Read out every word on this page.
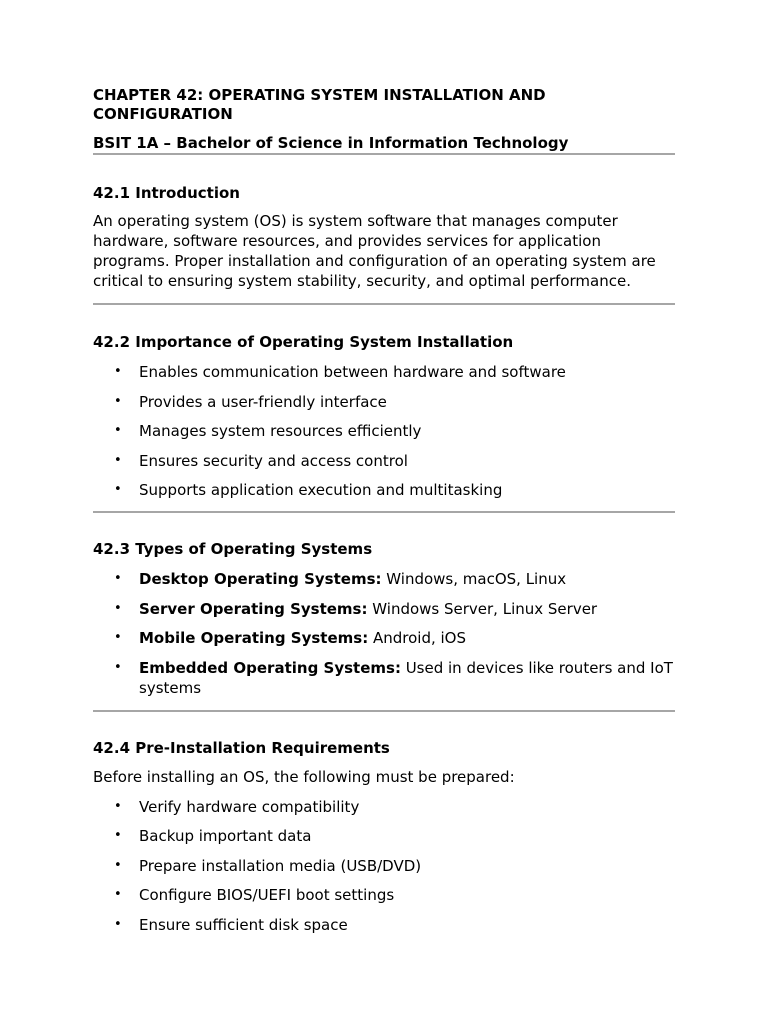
CHAPTER 42: OPERATING SYSTEM INSTALLATION AND CONFIGURATION

BSIT 1A – Bachelor of Science in Information Technology

42.1 Introduction

An operating system (OS) is system software that manages computer hardware, software resources, and provides services for application programs. Proper installation and configuration of an operating system are critical to ensuring system stability, security, and optimal performance.

42.2 Importance of Operating System Installation

• Enables communication between hardware and software
• Provides a user-friendly interface
• Manages system resources efficiently
• Ensures security and access control
• Supports application execution and multitasking

42.3 Types of Operating Systems

• Desktop Operating Systems: Windows, macOS, Linux
• Server Operating Systems: Windows Server, Linux Server
• Mobile Operating Systems: Android, iOS
• Embedded Operating Systems: Used in devices like routers and IoT systems

42.4 Pre-Installation Requirements

Before installing an OS, the following must be prepared:

• Verify hardware compatibility
• Backup important data
• Prepare installation media (USB/DVD)
• Configure BIOS/UEFI boot settings
• Ensure sufficient disk space
